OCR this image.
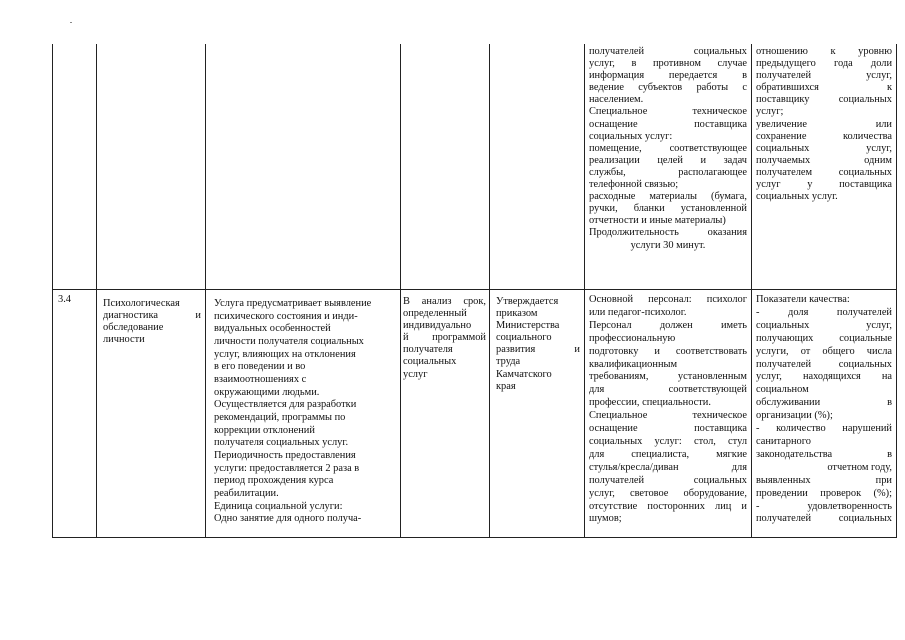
получателей социальных
услуг, в противном случае
информация передается в
ведение субъектов работы с
населением.
Специальное техническое
оснащение поставщика
социальных услуг:
помещение, соответствующее
реализации целей и задач
службы, располагающее
телефонной связью;
расходные материалы (бумага,
ручки, бланки установленной
отчетности и иные материалы)
Продолжительность оказания
услуги 30 минут.
отношению к уровню
предыдущего года доли
получателей услуг,
обратившихся к
поставщику социальных
услуг;
увеличение или
сохранение количества
социальных услуг,
получаемых одним
получателем социальных
услуг у поставщика
социальных услуг.
3.4	Психологическая
диагностика и
обследование
личности
Услуга предусматривает выявление
психического состояния и инди-
видуальных особенностей
личности получателя социальных
услуг, влияющих на отклонения
в его поведении и во
взаимоотношениях с
окружающими людьми.
Осуществляется для разработки
рекомендаций, программы по
коррекции отклонений
получателя социальных услуг.
Периодичность предоставления
услуги: предоставляется 2 раза в
период прохождения курса
реабилитации.
Единица социальной услуги:
Одно занятие для одного получа-
В анализ срок,
определенный
индивидуально
й программой
получателя
социальных
услуг
Утверждается
приказом
Министерства
социального
развития и
труда
Камчатского
края
Основной персонал: психолог
или педагог-психолог.
Персонал должен иметь
профессиональную
подготовку и соответствовать
квалификационным
требованиям, установленным
для соответствующей
профессии, специальности.
Специальное техническое
оснащение поставщика
социальных услуг: стол, стул
для специалиста, мягкие
стулья/кресла/диван для
получателей социальных
услуг, световое оборудование,
отсутствие посторонних лиц и
шумов;
Показатели качества:
- доля получателей
социальных услуг,
получающих социальные
услуги, от общего числа
получателей социальных
услуг, находящихся на
социальном
обслуживании в
организации (%);
- количество нарушений
санитарного
законодательства в
отчетном году,
выявленных при
проведении проверок (%);
- удовлетворенность
получателей социальных
